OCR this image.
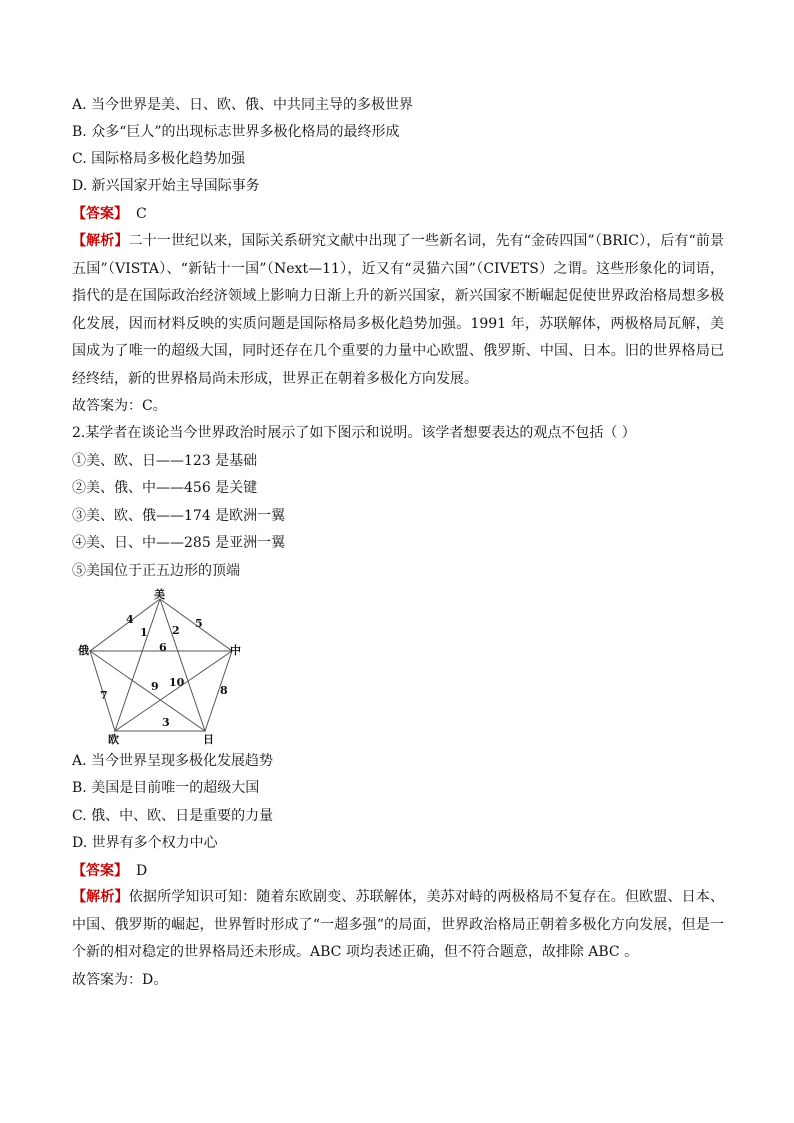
A. 当今世界是美、日、欧、俄、中共同主导的多极世界
B. 众多“巨人”的出现标志世界多极化格局的最终形成
C. 国际格局多极化趋势加强
D. 新兴国家开始主导国际事务
【答案】 C
【解析】二十一世纪以来，国际关系研究文献中出现了一些新名词，先有“金砖四国”（BRIC），后有“前景五国”（VISTA）、“新钻十一国”（Next—11），近又有“灵猫六国”（CIVETS）之谓。这些形象化的词语，指代的是在国际政治经济领域上影响力日渐上升的新兴国家，新兴国家不断崛起促使世界政治格局想多极化发展，因而材料反映的实质问题是国际格局多极化趋势加强。1991 年，苏联解体，两极格局瓦解，美国成为了唯一的超级大国，同时还存在几个重要的力量中心欧盟、俄罗斯、中国、日本。旧的世界格局已经终结，新的世界格局尚未形成，世界正在朝着多极化方向发展。
故答案为：C。
2.某学者在谈论当今世界政治时展示了如下图示和说明。该学者想要表达的观点不包括（ ）
①美、欧、日——123 是基础
②美、俄、中——456 是关键
③美、欧、俄——174 是欧洲一翼
④美、日、中——285 是亚洲一翼
⑤美国位于正五边形的顶端
美
中
日
欧
俄
1 2
3
4	5
6
7	8
9 10
A. 当今世界呈现多极化发展趋势
B. 美国是目前唯一的超级大国
C. 俄、中、欧、日是重要的力量
D. 世界有多个权力中心
【答案】 D
【解析】依据所学知识可知：随着东欧剧变、苏联解体，美苏对峙的两极格局不复存在。但欧盟、日本、中国、俄罗斯的崛起，世界暂时形成了“一超多强”的局面，世界政治格局正朝着多极化方向发展，但是一个新的相对稳定的世界格局还未形成。ABC 项均表述正确，但不符合题意，故排除 ABC 。
故答案为：D。
